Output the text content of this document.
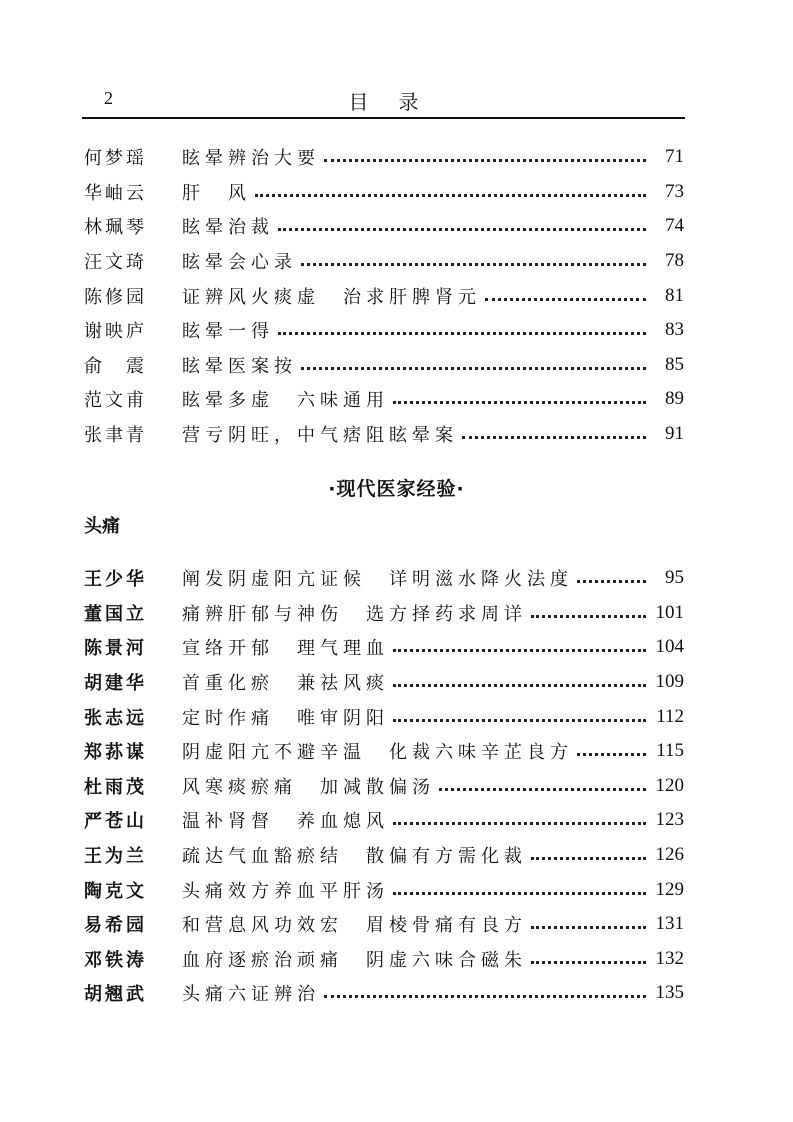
2	目录
何梦瑶	眩晕辨治大要	71
华岫云	肝　风	73
林珮琴	眩晕治裁	74
汪文琦	眩晕会心录	78
陈修园	证辨风火痰虚　治求肝脾肾元	81
谢映庐	眩晕一得	83
俞　震	眩晕医案按	85
范文甫	眩晕多虚　六味通用	89
张聿青	营亏阴旺，中气痞阻眩晕案	91
·现代医家经验·
头痛
王少华	阐发阴虚阳亢证候　详明滋水降火法度	95
董国立	痛辨肝郁与神伤　选方择药求周详	101
陈景河	宣络开郁　理气理血	104
胡建华	首重化瘀　兼祛风痰	109
张志远	定时作痛　唯审阴阳	112
郑荪谋	阴虚阳亢不避辛温　化裁六味辛芷良方	115
杜雨茂	风寒痰瘀痛　加减散偏汤	120
严苍山	温补肾督　养血熄风	123
王为兰	疏达气血豁瘀结　散偏有方需化裁	126
陶克文	头痛效方养血平肝汤	129
易希园	和营息风功效宏　眉棱骨痛有良方	131
邓铁涛	血府逐瘀治顽痛　阴虚六味合磁朱	132
胡翘武	头痛六证辨治	135
